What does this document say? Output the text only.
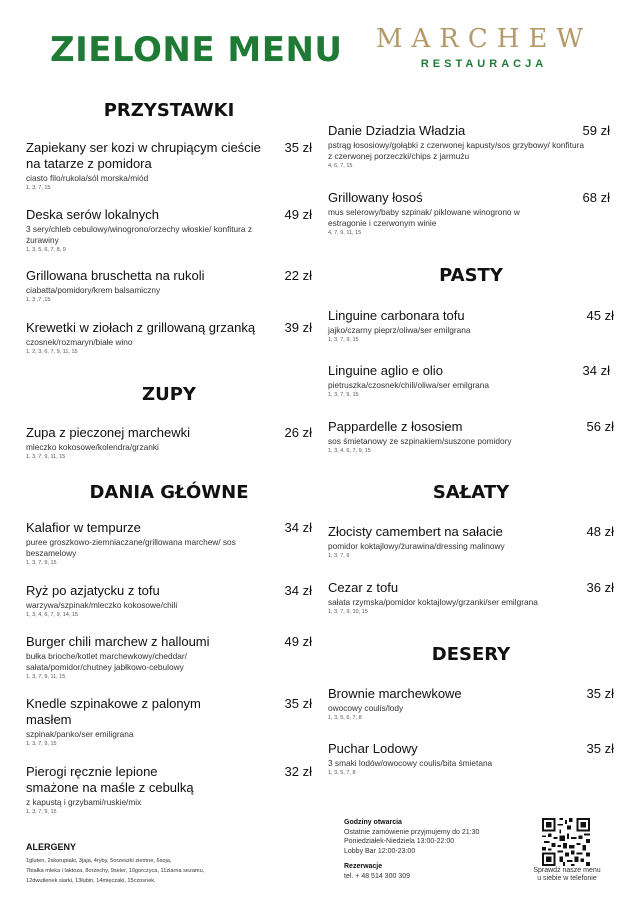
ZIELONE MENU MARCHEW
RESTAURACJA
PRZYSTAWKI
Zapiekany ser kozi w chrupiącym cieście na tatarze z pomidora
35 zł
ciasto filo/rukola/sól morska/miód
1, 3, 7, 15
Deska serów lokalnych	49 zł
3 sery/chleb cebulowy/winogrono/orzechy włoskie/ konfitura z żurawiny
1, 3, 5, 6, 7, 8, 9
Grillowana bruschetta na rukoli	22 zł
ciabatta/pomidory/krem balsamiczny
1, 3 ,7 ,15
Krewetki w ziołach z grillowaną grzanką	39 zł
czosnek/rozmaryn/białe wino
1, 2, 3, 6, 7, 9, 11, 15
ZUPY
Zupa z pieczonej marchewki	26 zł
mleczko kokosowe/kolendra/grzanki
1, 3, 7, 9, 11, 15
DANIA GŁÓWNE
Kalafior w tempurze	34 zł
puree groszkowo-ziemniaczane/grillowana marchew/ sos beszamelowy
1, 3, 7, 9, 15
Ryż po azjatycku z tofu	34 zł
warzywa/szpinak/mleczko kokosowe/chili
1, 3, 4, 6, 7, 9, 14, 15
Burger chili marchew z halloumi	49 zł
bułka brioche/kotlet marchewkowy/cheddar/ sałata/pomidor/chutney jabłkowo-cebulowy
1, 3, 7, 9, 11, 15
Knedle szpinakowe z palonym masłem
35 zł
szpinak/panko/ser emiligrana
1, 3, 7, 9, 15
Pierogi ręcznie lepione smażone na maśle z cebulką
32 zł
z kapustą i grzybami/ruskie/mix
1, 3, 7, 9, 15
Danie Dziadzia Władzia	59 zł
pstrąg łososiowy/gołąbki z czerwonej kapusty/sos grzybowy/ konfitura z czerwonej porzeczki/chips z jarmużu
4, 6, 7, 15
Grillowany łosoś	68 zł
mus selerowy/baby szpinak/ piklowane winogrono w estragonie i czerwonym winie
4, 7, 9, 11, 15
PASTY
Linguine carbonara tofu	45 zł
jajko/czarny pieprz/oliwa/ser emilgrana
1, 3, 7, 9, 15
Linguine aglio e olio	34 zł
pietruszka/czosnek/chili/oliwa/ser emilgrana
1, 3, 7, 9, 15
Pappardelle z łososiem	56 zł
sos śmietanowy ze szpinakiem/suszone pomidory
1, 3, 4, 6, 7, 9, 15
SAŁATY
Złocisty camembert na sałacie	48 zł
pomidor koktajlowy/żurawina/dressing malinowy
1, 3, 7, 9
Cezar z tofu	36 zł
sałata rzymska/pomidor koktajlowy/grzanki/ser emilgrana
1, 3, 7, 9, 10, 15
DESERY
Brownie marchewkowe	35 zł
owocowy coulis/lody
1, 3, 5, 6, 7, 8
Puchar Lodowy	35 zł
3 smaki lodów/owocowy coulis/bita śmietana
1, 3, 5, 7, 8
ALERGENY
1gluten, 2skorupiaki, 3jaja, 4ryby, 5orzeszki ziemne, 6soja,
7białka mleka i laktoza, 8orzechy, 9seler, 10gorczyca, 11ziarna sezamu,
12dwutlenek siarki, 13łubin, 14mięczaki, 15czosnek.
Godziny otwarcia
Ostatnie zamówienie przyjmujemy do 21:30
Poniedziałek-Niedziela 13:00-22:00
Lobby Bar 12:00-23:00
Rezerwacje
tel. + 48 514 300 309
Sprawdź nasze menu
u siebie w telefonie
